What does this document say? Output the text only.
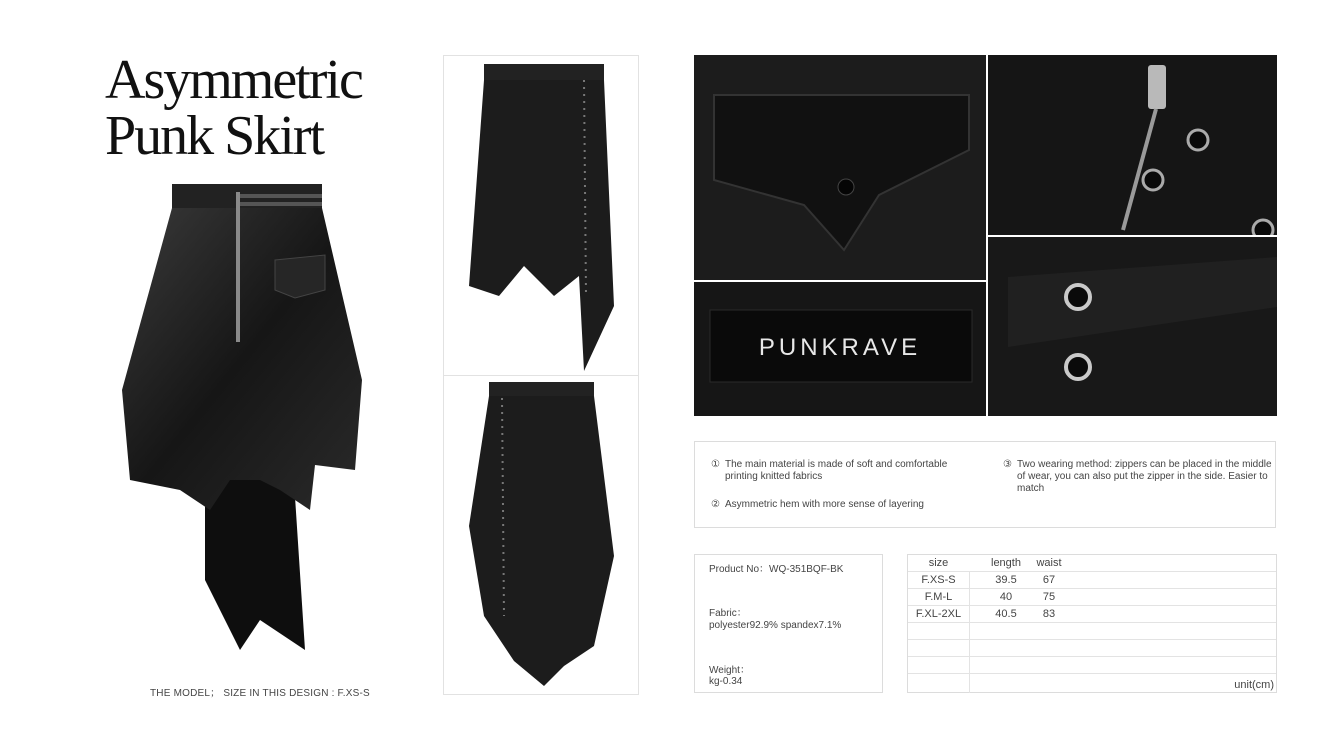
Asymmetric
Punk Skirt
THE MODEL； SIZE IN THIS DESIGN : F.XS-S
PUNKRAVE
① The main material is made of soft and comfortable printing knitted fabrics
② Asymmetric hem with more sense of layering
③ Two wearing method: zippers can be placed in the middle of wear, you can also put the zipper in the side. Easier to match
Product No：WQ-351BQF-BK
Fabric：
polyester92.9% spandex7.1%
Weight：
kg-0.34
size	length	waist
F.XS-S	39.5	67
F.M-L	40	75
F.XL-2XL	40.5	83
unit(cm)
